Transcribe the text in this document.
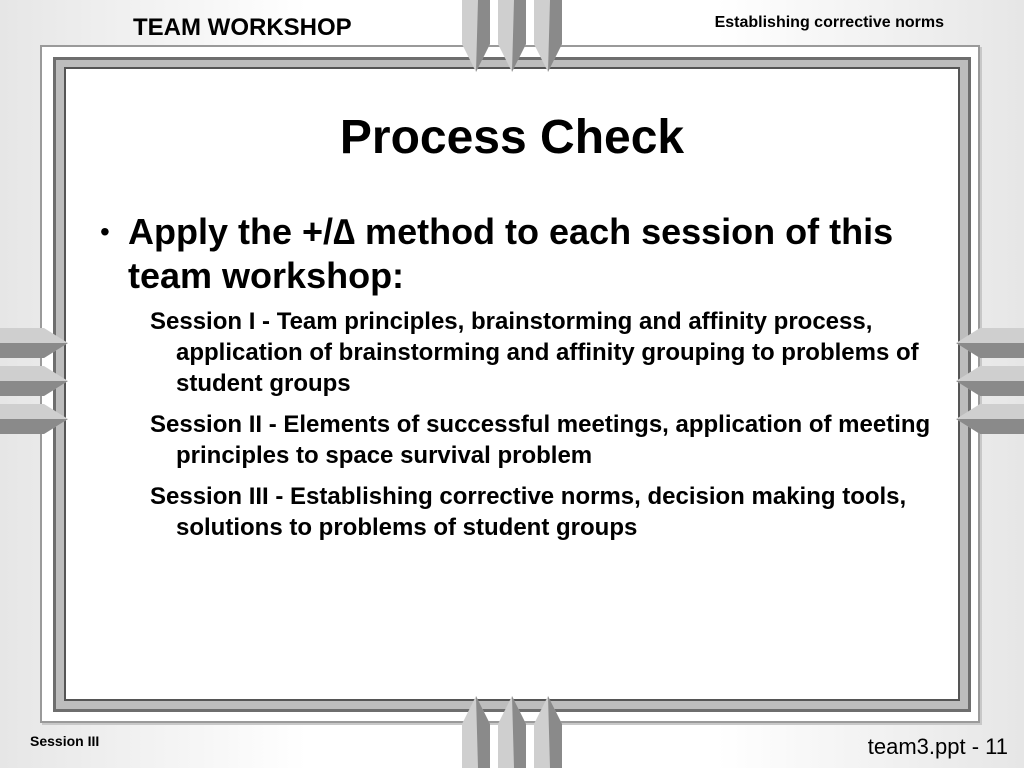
TEAM WORKSHOP	Establishing corrective norms
Process Check
• Apply the +/∆ method to each session of this team workshop:
Session I - Team principles, brainstorming and affinity process, application of brainstorming and affinity grouping to problems of student groups
Session II - Elements of successful meetings, application of meeting principles to space survival problem
Session III - Establishing corrective norms, decision making tools, solutions to problems of student groups
Session III	team3.ppt - 11
